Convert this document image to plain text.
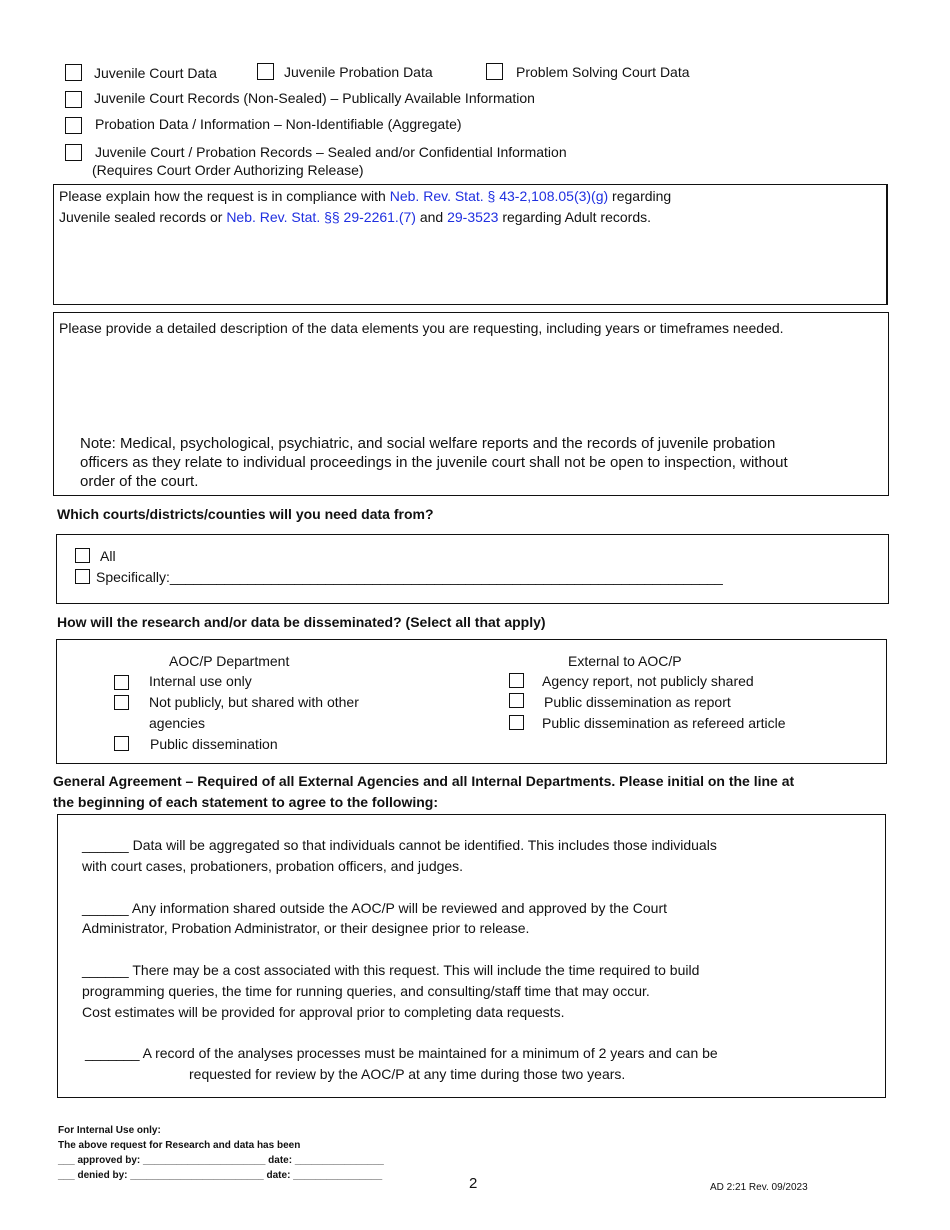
Juvenile Court Data	Juvenile Probation Data	Problem Solving Court Data
Juvenile Court Records (Non-Sealed) – Publically Available Information
Probation Data / Information – Non-Identifiable (Aggregate)
Juvenile Court / Probation Records – Sealed and/or Confidential Information
(Requires Court Order Authorizing Release)
Please explain how the request is in compliance with Neb. Rev. Stat. § 43-2,108.05(3)(g) regarding
Juvenile sealed records or Neb. Rev. Stat. §§ 29-2261.(7) and 29-3523 regarding Adult records.
Please provide a detailed description of the data elements you are requesting, including years or timeframes needed.
Note: Medical, psychological, psychiatric, and social welfare reports and the records of juvenile probation
officers as they relate to individual proceedings in the juvenile court shall not be open to inspection, without
order of the court.
Which courts/districts/counties will you need data from?
All
Specifically:_______________________________________________________________________
How will the research and/or data be disseminated? (Select all that apply)
AOC/P Department
Internal use only
Not publicly, but shared with other
agencies
Public dissemination
External to AOC/P
Agency report, not publicly shared
Public dissemination as report
Public dissemination as refereed article
General Agreement – Required of all External Agencies and all Internal Departments. Please initial on the line at
the beginning of each statement to agree to the following:
______ Data will be aggregated so that individuals cannot be identified. This includes those individuals
with court cases, probationers, probation officers, and judges.
______ Any information shared outside the AOC/P will be reviewed and approved by the Court
Administrator, Probation Administrator, or their designee prior to release.
______ There may be a cost associated with this request. This will include the time required to build
programming queries, the time for running queries, and consulting/staff time that may occur.
Cost estimates will be provided for approval prior to completing data requests.
_______ A record of the analyses processes must be maintained for a minimum of 2 years and can be
requested for review by the AOC/P at any time during those two years.
For Internal Use only:
The above request for Research and data has been
___ approved by: ______________________ date: ________________
___ denied by: ________________________ date: ________________	2	AD 2:21 Rev. 09/2023
